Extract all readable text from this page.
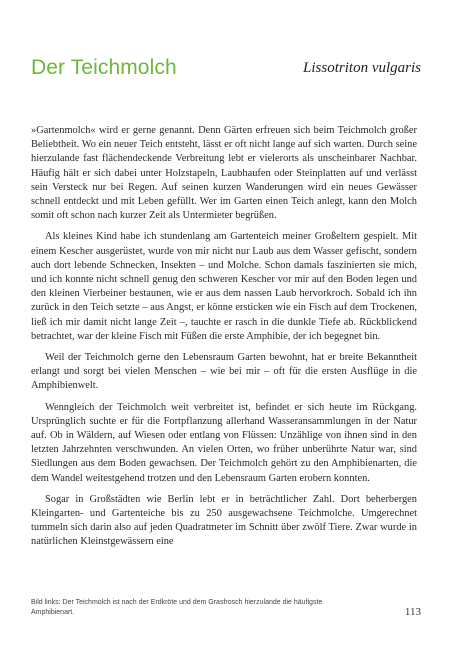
Der Teichmolch	Lissotriton vulgaris

»Gartenmolch« wird er gerne genannt. Denn Gärten erfreuen sich beim Teichmolch großer Beliebtheit. Wo ein neuer Teich entsteht, lässt er oft nicht lange auf sich warten. Durch seine hierzulande fast flächendeckende Verbreitung lebt er vielerorts als unscheinbarer Nachbar. Häufig hält er sich dabei unter Holzstapeln, Laubhaufen oder Steinplatten auf und verlässt sein Versteck nur bei Regen. Auf seinen kurzen Wanderungen wird ein neues Gewässer schnell entdeckt und mit Leben gefüllt. Wer im Garten einen Teich anlegt, kann den Molch somit oft schon nach kurzer Zeit als Untermieter begrüßen.

Als kleines Kind habe ich stundenlang am Gartenteich meiner Großeltern gespielt. Mit einem Kescher ausgerüstet, wurde von mir nicht nur Laub aus dem Wasser gefischt, sondern auch dort lebende Schnecken, Insekten – und Molche. Schon damals faszinierten sie mich, und ich konnte nicht schnell genug den schweren Kescher vor mir auf den Boden legen und den kleinen Vierbeiner bestaunen, wie er aus dem nassen Laub hervorkroch. Sobald ich ihn zurück in den Teich setzte – aus Angst, er könne ersticken wie ein Fisch auf dem Trockenen, ließ ich mir damit nicht lange Zeit –, tauchte er rasch in die dunkle Tiefe ab. Rückblickend betrachtet, war der kleine Fisch mit Füßen die erste Amphibie, der ich begegnet bin.

Weil der Teichmolch gerne den Lebensraum Garten bewohnt, hat er breite Bekanntheit erlangt und sorgt bei vielen Menschen – wie bei mir – oft für die ersten Ausflüge in die Amphibienwelt.

Wenngleich der Teichmolch weit verbreitet ist, befindet er sich heute im Rückgang. Ursprünglich suchte er für die Fortpflanzung allerhand Wasseransammlungen in der Natur auf. Ob in Wäldern, auf Wiesen oder entlang von Flüssen: Unzählige von ihnen sind in den letzten Jahrzehnten verschwunden. An vielen Orten, wo früher unberührte Natur war, sind Siedlungen aus dem Boden gewachsen. Der Teichmolch gehört zu den Amphibienarten, die dem Wandel weitestgehend trotzen und den Lebensraum Garten erobern konnten.

Sogar in Großstädten wie Berlin lebt er in beträchtlicher Zahl. Dort beherbergen Kleingarten- und Gartenteiche bis zu 250 ausgewachsene Teichmolche. Umgerechnet tummeln sich darin also auf jeden Quadratmeter im Schnitt über zwölf Tiere. Zwar wurde in natürlichen Kleinstgewässern eine

Bild links: Der Teichmolch ist nach der Erdkröte und dem Grasfrosch hierzulande die häufigste Amphibienart.	113
